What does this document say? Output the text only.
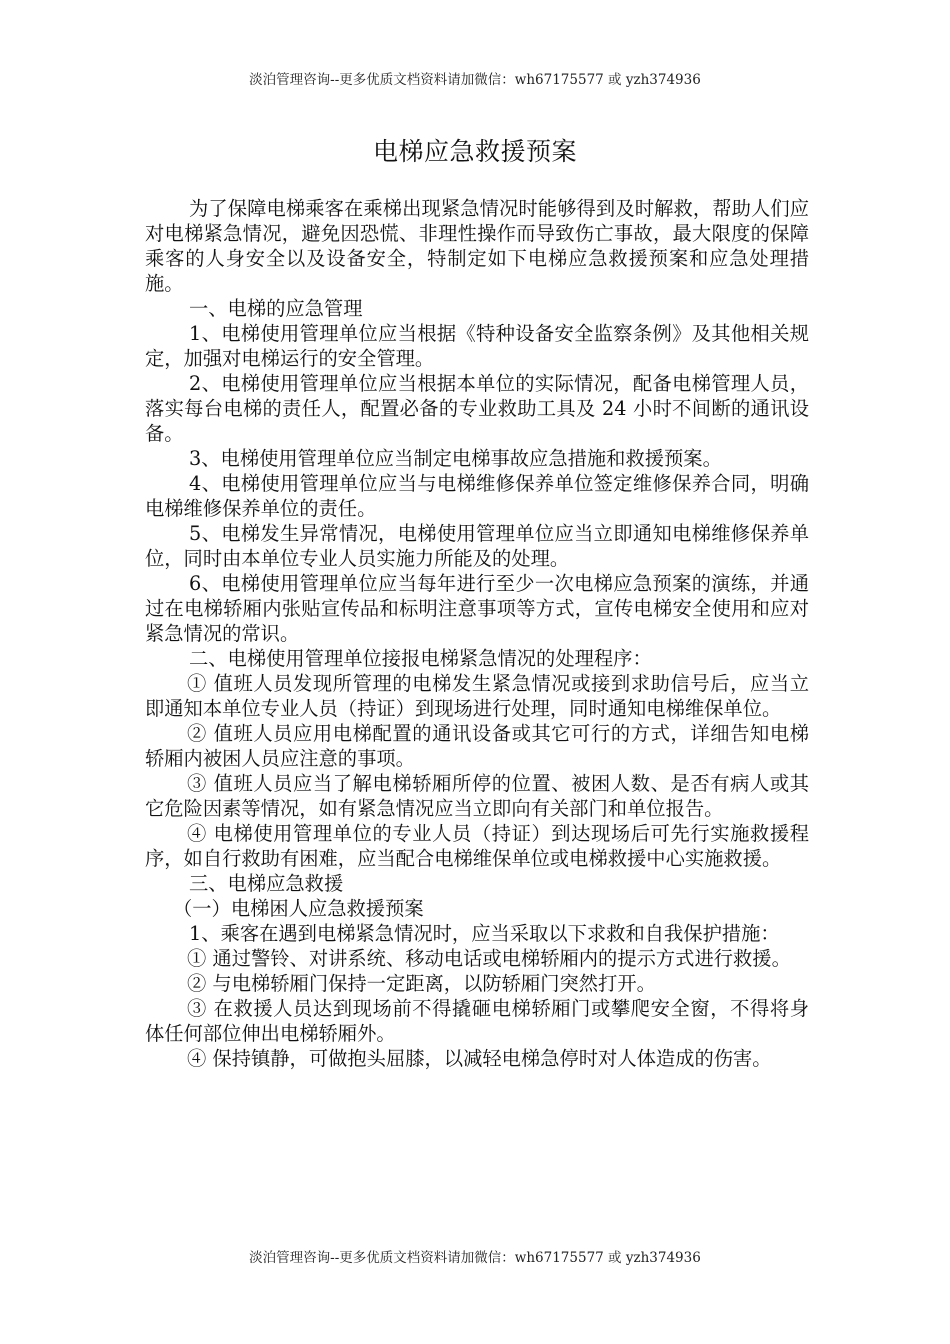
淡泊管理咨询--更多优质文档资料请加微信：wh67175577 或 yzh374936
电梯应急救援预案

为了保障电梯乘客在乘梯出现紧急情况时能够得到及时解救，帮助人们应对电梯紧急情况，避免因恐慌、非理性操作而导致伤亡事故，最大限度的保障乘客的人身安全以及设备安全，特制定如下电梯应急救援预案和应急处理措施。

一、电梯的应急管理

1、电梯使用管理单位应当根据《特种设备安全监察条例》及其他相关规定，加强对电梯运行的安全管理。

2、电梯使用管理单位应当根据本单位的实际情况，配备电梯管理人员，落实每台电梯的责任人，配置必备的专业救助工具及 24 小时不间断的通讯设备。

3、电梯使用管理单位应当制定电梯事故应急措施和救援预案。

4、电梯使用管理单位应当与电梯维修保养单位签定维修保养合同，明确电梯维修保养单位的责任。

5、电梯发生异常情况，电梯使用管理单位应当立即通知电梯维修保养单位，同时由本单位专业人员实施力所能及的处理。

6、电梯使用管理单位应当每年进行至少一次电梯应急预案的演练，并通过在电梯轿厢内张贴宣传品和标明注意事项等方式，宣传电梯安全使用和应对紧急情况的常识。

二、电梯使用管理单位接报电梯紧急情况的处理程序：

① 值班人员发现所管理的电梯发生紧急情况或接到求助信号后，应当立即通知本单位专业人员（持证）到现场进行处理，同时通知电梯维保单位。

② 值班人员应用电梯配置的通讯设备或其它可行的方式，详细告知电梯轿厢内被困人员应注意的事项。

③ 值班人员应当了解电梯轿厢所停的位置、被困人数、是否有病人或其它危险因素等情况，如有紧急情况应当立即向有关部门和单位报告。

④ 电梯使用管理单位的专业人员（持证）到达现场后可先行实施救援程序，如自行救助有困难，应当配合电梯维保单位或电梯救援中心实施救援。

三、电梯应急救援

（一）电梯困人应急救援预案

1、乘客在遇到电梯紧急情况时，应当采取以下求救和自我保护措施：

① 通过警铃、对讲系统、移动电话或电梯轿厢内的提示方式进行救援。

② 与电梯轿厢门保持一定距离，以防轿厢门突然打开。

③ 在救援人员达到现场前不得撬砸电梯轿厢门或攀爬安全窗，不得将身体任何部位伸出电梯轿厢外。

④ 保持镇静，可做抱头屈膝，以减轻电梯急停时对人体造成的伤害。

淡泊管理咨询--更多优质文档资料请加微信：wh67175577 或 yzh374936
